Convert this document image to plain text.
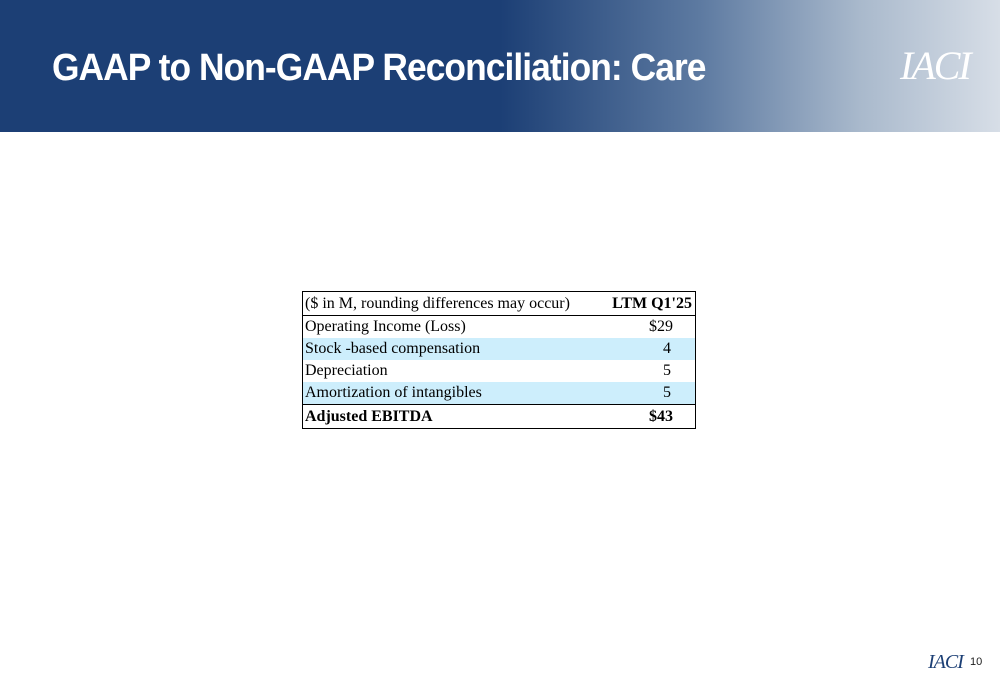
GAAP to Non-GAAP Reconciliation: Care	IACI
($ in M, rounding differences may occur)	LTM Q1'25
Operating Income (Loss)	$29
Stock -based compensation	4
Depreciation	5
Amortization of intangibles	5
Adjusted EBITDA	$43
IACI 10
